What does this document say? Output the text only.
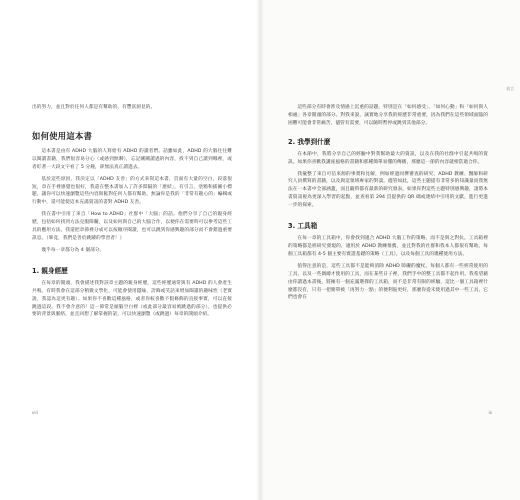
出的努力，並且對於任何人都是有幫助的、有豐富洞見的。

如何使用這本書

這本書是由有 ADHD 大腦的人寫給有 ADHD 的讀者們。話雖如此，ADHD 的大腦往往難以閱讀書籍，我們很容易分心（或感到無聊），忘記剛剛讀過的內容，找不到自己讀到哪裡，或者盯著一大段文字看了 5 分鐘，卻無法真正讀進去。

基於這些原因，我決定以「ADHD 友善」的方式來寫這本書，頁面有大量的空白，段落很短，章在手裡感覺也很好，我還在整本書加入了許多間隔的「連結」，有引言、塗鴉和插圖小標題，讓你可以快速瀏覽這些內容與鬆對任何人都有幫助，無論你是我的「非常有趣心的」編輯或行動中，還可能使這本充滿資訊的書對 ADHD 友善。

我在書中引用了來自「How to ADHD」社群中「大腦」的話。他們分享了自己的親身經歷，包括如何找到方法克服障礙，以及如何與自己的大腦合作，以便你在需要時可以參考這些工具的應用方法。我還把章節裡分成可以按順序閱讀，也可以跳到你感興趣的部分而不會錯過重要訊息。（畢竟，我們是善於跳躍的學習者！）

幾乎每一章都分為 4 個部分。

1. 親身經歷

在每章的開頭，我會描述我對該章主題的親身經歷，這些經歷通常與有 ADHD 的人會產生共鳴。有時我會在這部分稍微文學化，可能會使用隱喻、誇飾或笑話來增加閱讀的趣味性（老實說，我認為這更有趣）。如果你不喜歡這種風格，或者你較喜歡不假修飾的直接事實，可以直接跳過這段。我不會介意的！這一節常是頭腦空白裡（或此部分最容易被跳過的部分），也提供必要的背景與脈絡，並且回想了解掌握的話，可以快速瀏覽（或跳過）每章的開頭介紹。

viii
前言

這些部分有時會涉及情感上沉重的話題，特別是在「如何感受」、「如何心動」和「如何與人相處」各章開頭的部分。對我來說，誠實地分享我的經歷非常重要，因為我們在這些領域面臨的困難可能會非常痛苦，儘管有需要，可以隨時暫停或跳到其他部分。

2. 我學到什麼

在本節中，我將分享自己的經驗中對我幫助最大的資訊，以及在我的社群中引起共鳴的資訊。如果你喜歡我講座風格的書籍和那種簡單易懂的傳播，那麼這一節的內容就相當適合你。

我彙整了來自可信來源的事實和見解，例如經過同儕審查的研究、ADHD 教練、醫師和研究人員撰寫的書籍，以及與這領域專家的對談。儘管如此，這些主題提有非常多的知識量而我無法在一本書中全部涵蓋，而且隨時都有最新的研究發表。如果你對這些主題特別感興趣，請將本書資訊視為更深入學習的起點，並查看第 294 頁提供的 QR 碼或連結中引用的文獻，進行更進一步的探索。

3. 工具箱

在每一章的工具箱中，你會找到適合 ADHD 大腦工作的策略，而不是與之對抗。工具箱裡的策略都是經研究發現的，適用於 ADHD 教練推薦，並且對我的社群和我本人都很有幫助。每個工具箱都有 4-5 個主要有實證基礎的策略（工具），以及每個工具的幾種使用方法。

值得注意的是，這些工具都不是能夠消除 ADHD 障礙的魔杖。每個人都有一些經常使用的工具，以及一些偶爾才使用的工具，而在某些日子裡，我們手中的整工具都不起作用。我希望藉由你讀過本書後，將擁有一個充滿選擇的工具箱，而不是非常有限的經驗，這比一個工具箱裡什麼都沒有，只有一把簡單被「再努力一點」的便利貼更好，那麼你從未使用過其中一些工具，它們也會在

ix
